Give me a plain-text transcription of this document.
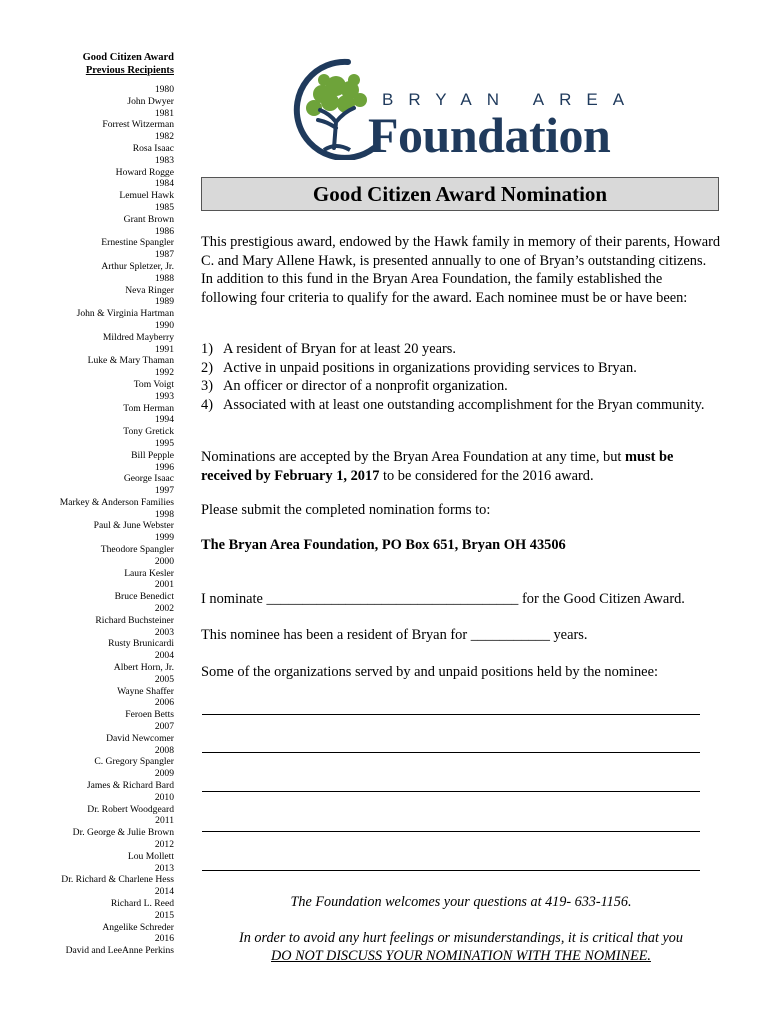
Good Citizen Award
Previous Recipients
1980
John Dwyer
1981
Forrest Witzerman
1982
Rosa Isaac
1983
Howard Rogge
1984
Lemuel Hawk
1985
Grant Brown
1986
Ernestine Spangler
1987
Arthur Spletzer, Jr.
1988
Neva Ringer
1989
John & Virginia Hartman
1990
Mildred Mayberry
1991
Luke & Mary Thaman
1992
Tom Voigt
1993
Tom Herman
1994
Tony Gretick
1995
Bill Pepple
1996
George Isaac
1997
Markey & Anderson Families
1998
Paul & June Webster
1999
Theodore Spangler
2000
Laura Kesler
2001
Bruce Benedict
2002
Richard Buchsteiner
2003
Rusty Brunicardi
2004
Albert Horn, Jr.
2005
Wayne Shaffer
2006
Feroen Betts
2007
David Newcomer
2008
C. Gregory Spangler
2009
James & Richard Bard
2010
Dr. Robert Woodgeard
2011
Dr. George & Julie Brown
2012
Lou Mollett
2013
Dr. Richard & Charlene Hess
2014
Richard L. Reed
2015
Angelike Schreder
2016
David and LeeAnne Perkins
BRYAN AREA
Foundation
Good Citizen Award Nomination
This prestigious award, endowed by the Hawk family in memory of their parents, Howard C. and Mary Allene Hawk, is presented annually to one of Bryan’s outstanding citizens. In addition to this fund in the Bryan Area Foundation, the family established the following four criteria to qualify for the award. Each nominee must be or have been:
1) A resident of Bryan for at least 20 years.
2) Active in unpaid positions in organizations providing services to Bryan.
3) An officer or director of a nonprofit organization.
4) Associated with at least one outstanding accomplishment for the Bryan community.
Nominations are accepted by the Bryan Area Foundation at any time, but must be received by February 1, 2017 to be considered for the 2016 award.
Please submit the completed nomination forms to:
The Bryan Area Foundation, PO Box 651, Bryan OH 43506
I nominate ___________________________________ for the Good Citizen Award.
This nominee has been a resident of Bryan for ___________ years.
Some of the organizations served by and unpaid positions held by the nominee:
The Foundation welcomes your questions at 419- 633-1156.
In order to avoid any hurt feelings or misunderstandings, it is critical that you
DO NOT DISCUSS YOUR NOMINATION WITH THE NOMINEE.
